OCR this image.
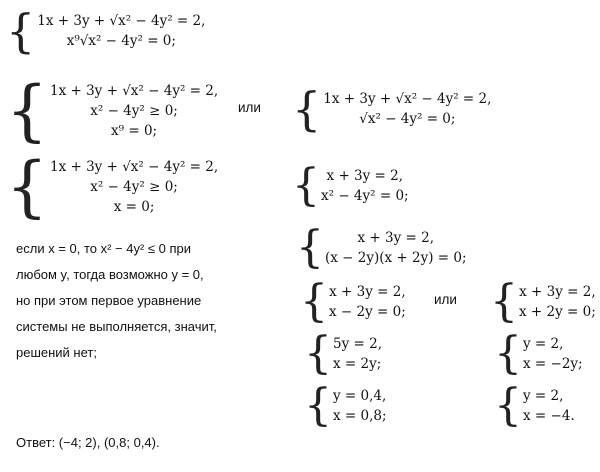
{ 1x + 3y + √x² − 4y² = 2,
x⁹√x² − 4y² = 0;
{ 1x + 3y + √x² − 4y² = 2,
x² − 4y² ≥ 0;
x⁹ = 0;
или { 1x + 3y + √x² − 4y² = 2,
√x² − 4y² = 0;
{ 1x + 3y + √x² − 4y² = 2,
x² − 4y² ≥ 0;
x = 0;	{ x + 3y = 2,
x² − 4y² = 0;
если x = 0, то x² − 4y² ≤ 0 при
любом y, тогда возможно y = 0,
но при этом первое уравнение
системы не выполняется, значит,
решений нет;
{	x + 3y = 2,
(x − 2y)(x + 2y) = 0;
{ x + 3y = 2,
x − 2y = 0;
или { x + 3y = 2,
x + 2y = 0;
{ 5y = 2,
x = 2y;	{ y = 2,
x = −2y;
{ y = 0,4,
x = 0,8; { y = 2,
x = −4.
Ответ: (−4; 2), (0,8; 0,4).
